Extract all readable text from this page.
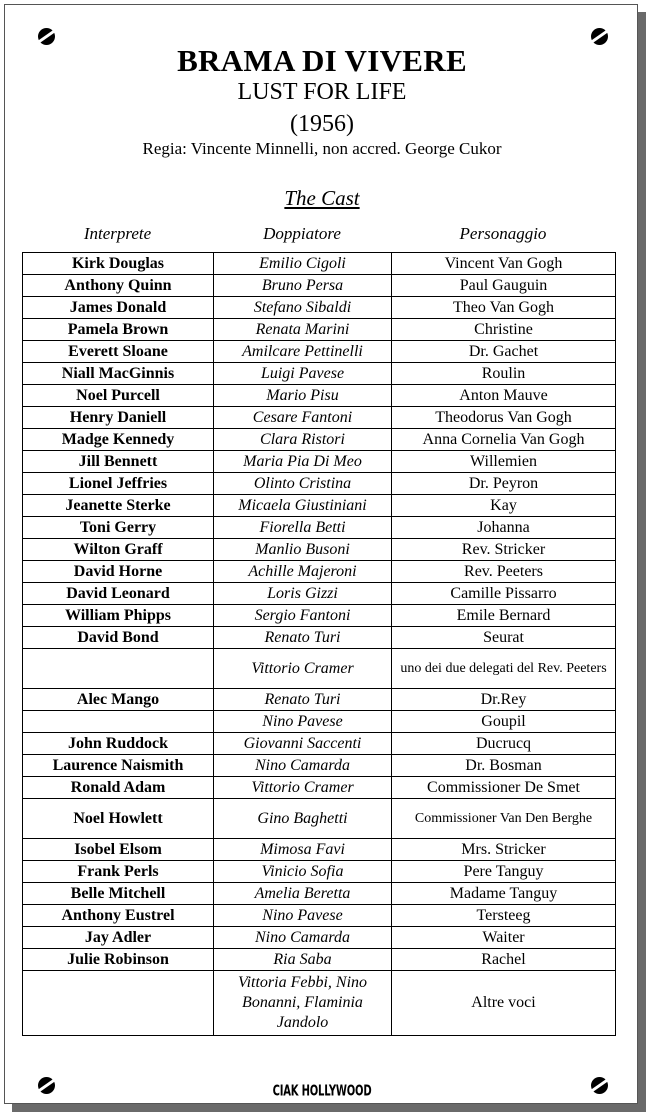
BRAMA DI VIVERE
LUST FOR LIFE
(1956)
Regia: Vincente Minnelli, non accred. George Cukor
The Cast
Interprete	Doppiatore	Personaggio
Kirk Douglas	Emilio Cigoli	Vincent Van Gogh
Anthony Quinn	Bruno Persa	Paul Gauguin
James Donald	Stefano Sibaldi	Theo Van Gogh
Pamela Brown	Renata Marini	Christine
Everett Sloane	Amilcare Pettinelli	Dr. Gachet
Niall MacGinnis	Luigi Pavese	Roulin
Noel Purcell	Mario Pisu	Anton Mauve
Henry Daniell	Cesare Fantoni	Theodorus Van Gogh
Madge Kennedy	Clara Ristori	Anna Cornelia Van Gogh
Jill Bennett	Maria Pia Di Meo	Willemien
Lionel Jeffries	Olinto Cristina	Dr. Peyron
Jeanette Sterke	Micaela Giustiniani	Kay
Toni Gerry	Fiorella Betti	Johanna
Wilton Graff	Manlio Busoni	Rev. Stricker
David Horne	Achille Majeroni	Rev. Peeters
David Leonard	Loris Gizzi	Camille Pissarro
William Phipps	Sergio Fantoni	Emile Bernard
David Bond	Renato Turi	Seurat
	Vittorio Cramer	uno dei due delegati del Rev. Peeters
Alec Mango	Renato Turi	Dr.Rey
	Nino Pavese	Goupil
John Ruddock	Giovanni Saccenti	Ducrucq
Laurence Naismith	Nino Camarda	Dr. Bosman
Ronald Adam	Vittorio Cramer	Commissioner De Smet
Noel Howlett	Gino Baghetti	Commissioner Van Den Berghe
Isobel Elsom	Mimosa Favi	Mrs. Stricker
Frank Perls	Vinicio Sofia	Pere Tanguy
Belle Mitchell	Amelia Beretta	Madame Tanguy
Anthony Eustrel	Nino Pavese	Tersteeg
Jay Adler	Nino Camarda	Waiter
Julie Robinson	Ria Saba	Rachel
	Vittoria Febbi, Nino Bonanni, Flaminia Jandolo	Altre voci
CIAK HOLLYWOOD
